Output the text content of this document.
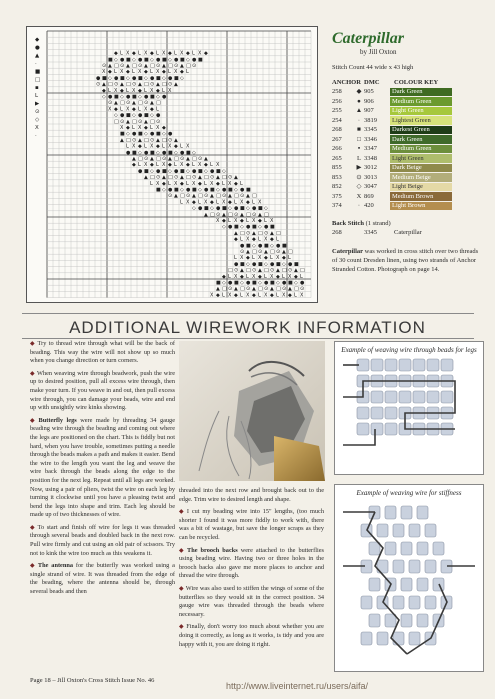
◆ L X ◆ L X ◆ L X ◆ L X ◆ L X ◆
■ ◇ ● ■ ◇ ● ■ ◇ ● ■ ◇ ● ■ ◇ ● ■
⊙ ▲ □ ⊙ ▲ □ ⊙ ▲ □ ⊙ ▲ □ ⊙ ▲ □ ⊙
X ◆ L X ◆ L X ◆ L X ◆ L X ◆ L
● ■ ◇ ● ■ ◇ ● ■ ◇ ● ■ ◇ ● ■ ◇
⊙ ▲ □ ⊙ ▲ □ ⊙ ▲ □ ⊙ ▲ □ ⊙ ▲
◆ L X ◆ L X ◆ L X ◆ L X
◇ ● ■ ◇ ● ■ ◇ ● ■ ◇ ●
⊙ ▲ □ ⊙ ▲ □ ⊙ ▲ □
X ◆ L X ◆ L X ◆ L
◇ ● ■ ◇ ● ■ ◇ ●
□ ⊙ ▲ □ ⊙ ▲ □ ⊙
X ◆ L X ◆ L X ◆
■ ◇ ● ■ ◇ ● ■ ◇ ●
▲ □ ⊙ ▲ □ ⊙ ▲ □ ⊙ ▲
L X ◆ L X ◆ L X ◆ L X
● ■ ◇ ● ■ ◇ ● ■ ◇ ● ■ ◇
▲ □ ⊙ ▲ □ ⊙ ▲ □ ⊙ ▲ □ ⊙ ▲
◆ L X ◆ L X ◆ L X ◆ L X ◆ L X
● ■ ◇ ● ■ ◇ ● ■ ◇ ● ■ ◇ ● ■ ◇
▲ □ ⊙ ▲ □ ⊙ ▲ □ ⊙ ▲ □ ⊙ ▲ □ ⊙ ▲
L X ◆ L X ◆ L X ◆ L X ◆ L X ◆ L
■ ◇ ● ■ ◇ ● ■ ◇ ● ■ ◇ ● ■ ◇ ● ■
⊙ ▲ □ ⊙ ▲ □ ⊙ ▲ □ ⊙ ▲ □ ⊙ ▲ □
L X ◆ L X ◆ L X ◆ L X ◆ L X
◇ ● ■ ◇ ● ■ ◇ ● ■ ◇ ● ■ ◇
▲ □ ⊙ ▲ □ ⊙ ▲ □ ⊙ ▲ □
X ◆ L X ◆ L X ◆ L X
◇ ● ■ ◇ ● ■ ◇ ● ■
▲ □ ⊙ ▲ □ ⊙ ▲ □
◆ L X ◆ L X ◆ L
● ■ ◇ ● ■ ◇ ● ■
⊙ ▲ □ ⊙ ▲ □ ⊙ ▲ □
L X ◆ L X ◆ L X ◆ L
● ■ ◇ ● ■ ◇ ● ■ ◇ ● ■
□ ⊙ ▲ □ ⊙ ▲ □ ⊙ ▲ □ ⊙ ▲ □
◆ L X ◆ L X ◆ L X ◆ L X ◆ L
■ ◇ ● ■ ◇ ● ■ ◇ ● ■ ◇ ● ■ ◇ ●
▲ □ ⊙ ▲ □ ⊙ ▲ □ ⊙ ▲ □ ⊙ ▲ □ ⊙
X ◆ L X ◆ L X ◆ L X ◆ L X ◆ L X
◆
●
▲
·
■
□
▪
L
▶
⊙
◇
X
·
Caterpillar
by Jill Oxton
Stitch Count 44 wide x 43 high
ANCHOR DMC	COLOUR KEY
258	◆ 905	Dark Green
256	● 906	Medium Green
255	▲ 907	Light Green
254	· 3819	Lightest Green
268	■ 3345	Darkest Green
267	□ 3346	Dark Green
266	▪ 3347	Medium Green
265	L 3348	Light Green
855	▶ 3012	Dark Beige
853	⊙ 3013	Medium Beige
852	◇ 3047	Light Beige
375	X 869	Medium Brown
374	· 420	Light Brown
Back Stitch (1 strand)
268	3345	Caterpillar
Caterpillar was worked in cross stitch over two threads of 30 count Dresden linen, using two strands of Anchor Stranded Cotton. Photograph on page 14.
ADDITIONAL WIREWORK INFORMATION

◆ Try to thread wire through what will be the back of beading. This way the wire will not show up so much when you change direction or turn corners.

◆ When weaving wire through beadwork, push the wire up to desired position, pull all excess wire through, then make your turn. If you weave in and out, then pull excess wire through, you can damage your beads, wire and end up with unsightly wire kinks showing.

◆ Butterfly legs were made by threading 34 gauge beading wire through the beading and coming out where the legs are positioned on the chart. This is fiddly but not hard, when you have trouble, sometimes putting a needle through the beads makes a path and makes it easier. Bend the wire to the length you want the leg and weave the wire back through the beads along the edge to the position for the next leg. Repeat until all legs are worked. Now, using a pair of pliers, twist the wire on each leg by turning it clockwise until you have a pleasing twist and bend the legs into shape and trim. Each leg should be made up of two thicknesses of wire.

◆ To start and finish off wire for legs it was threaded through several beads and doubled back in the next row. Pull wire firmly and cut using an old pair of scissors. Try not to kink the wire too much as this weakens it.

◆ The antenna for the butterfly was worked using a single strand of wire. It was threaded from the edge of the beading, where the antenna should be, through several beads and then

threaded into the next row and brought back out to the edge. Trim wire to desired length and shape.

◆ I cut my beading wire into 15" lengths, (too much shorter I found it was more fiddly to work with, there was a bit of wastage, but save the longer scraps as they can be recycled.

◆ The brooch backs were attached to the butterflies using beading wire. Having two or three holes in the brooch backs also gave me more places to anchor and thread the wire through.

◆ Wire was also used to stiffen the wings of some of the butterflies so they would sit in the correct position. 34 gauge wire was threaded through the beads where necessary.

◆ Finally, don't worry too much about whether you are doing it correctly, as long as it works, is tidy and you are happy with it, you are doing it right.

Example of weaving wire through beads for legs
Example of weaving wire for stiffness
Page 18 – Jill Oxton's Cross Stitch Issue No. 46
http://www.liveinternet.ru/users/aifa/
